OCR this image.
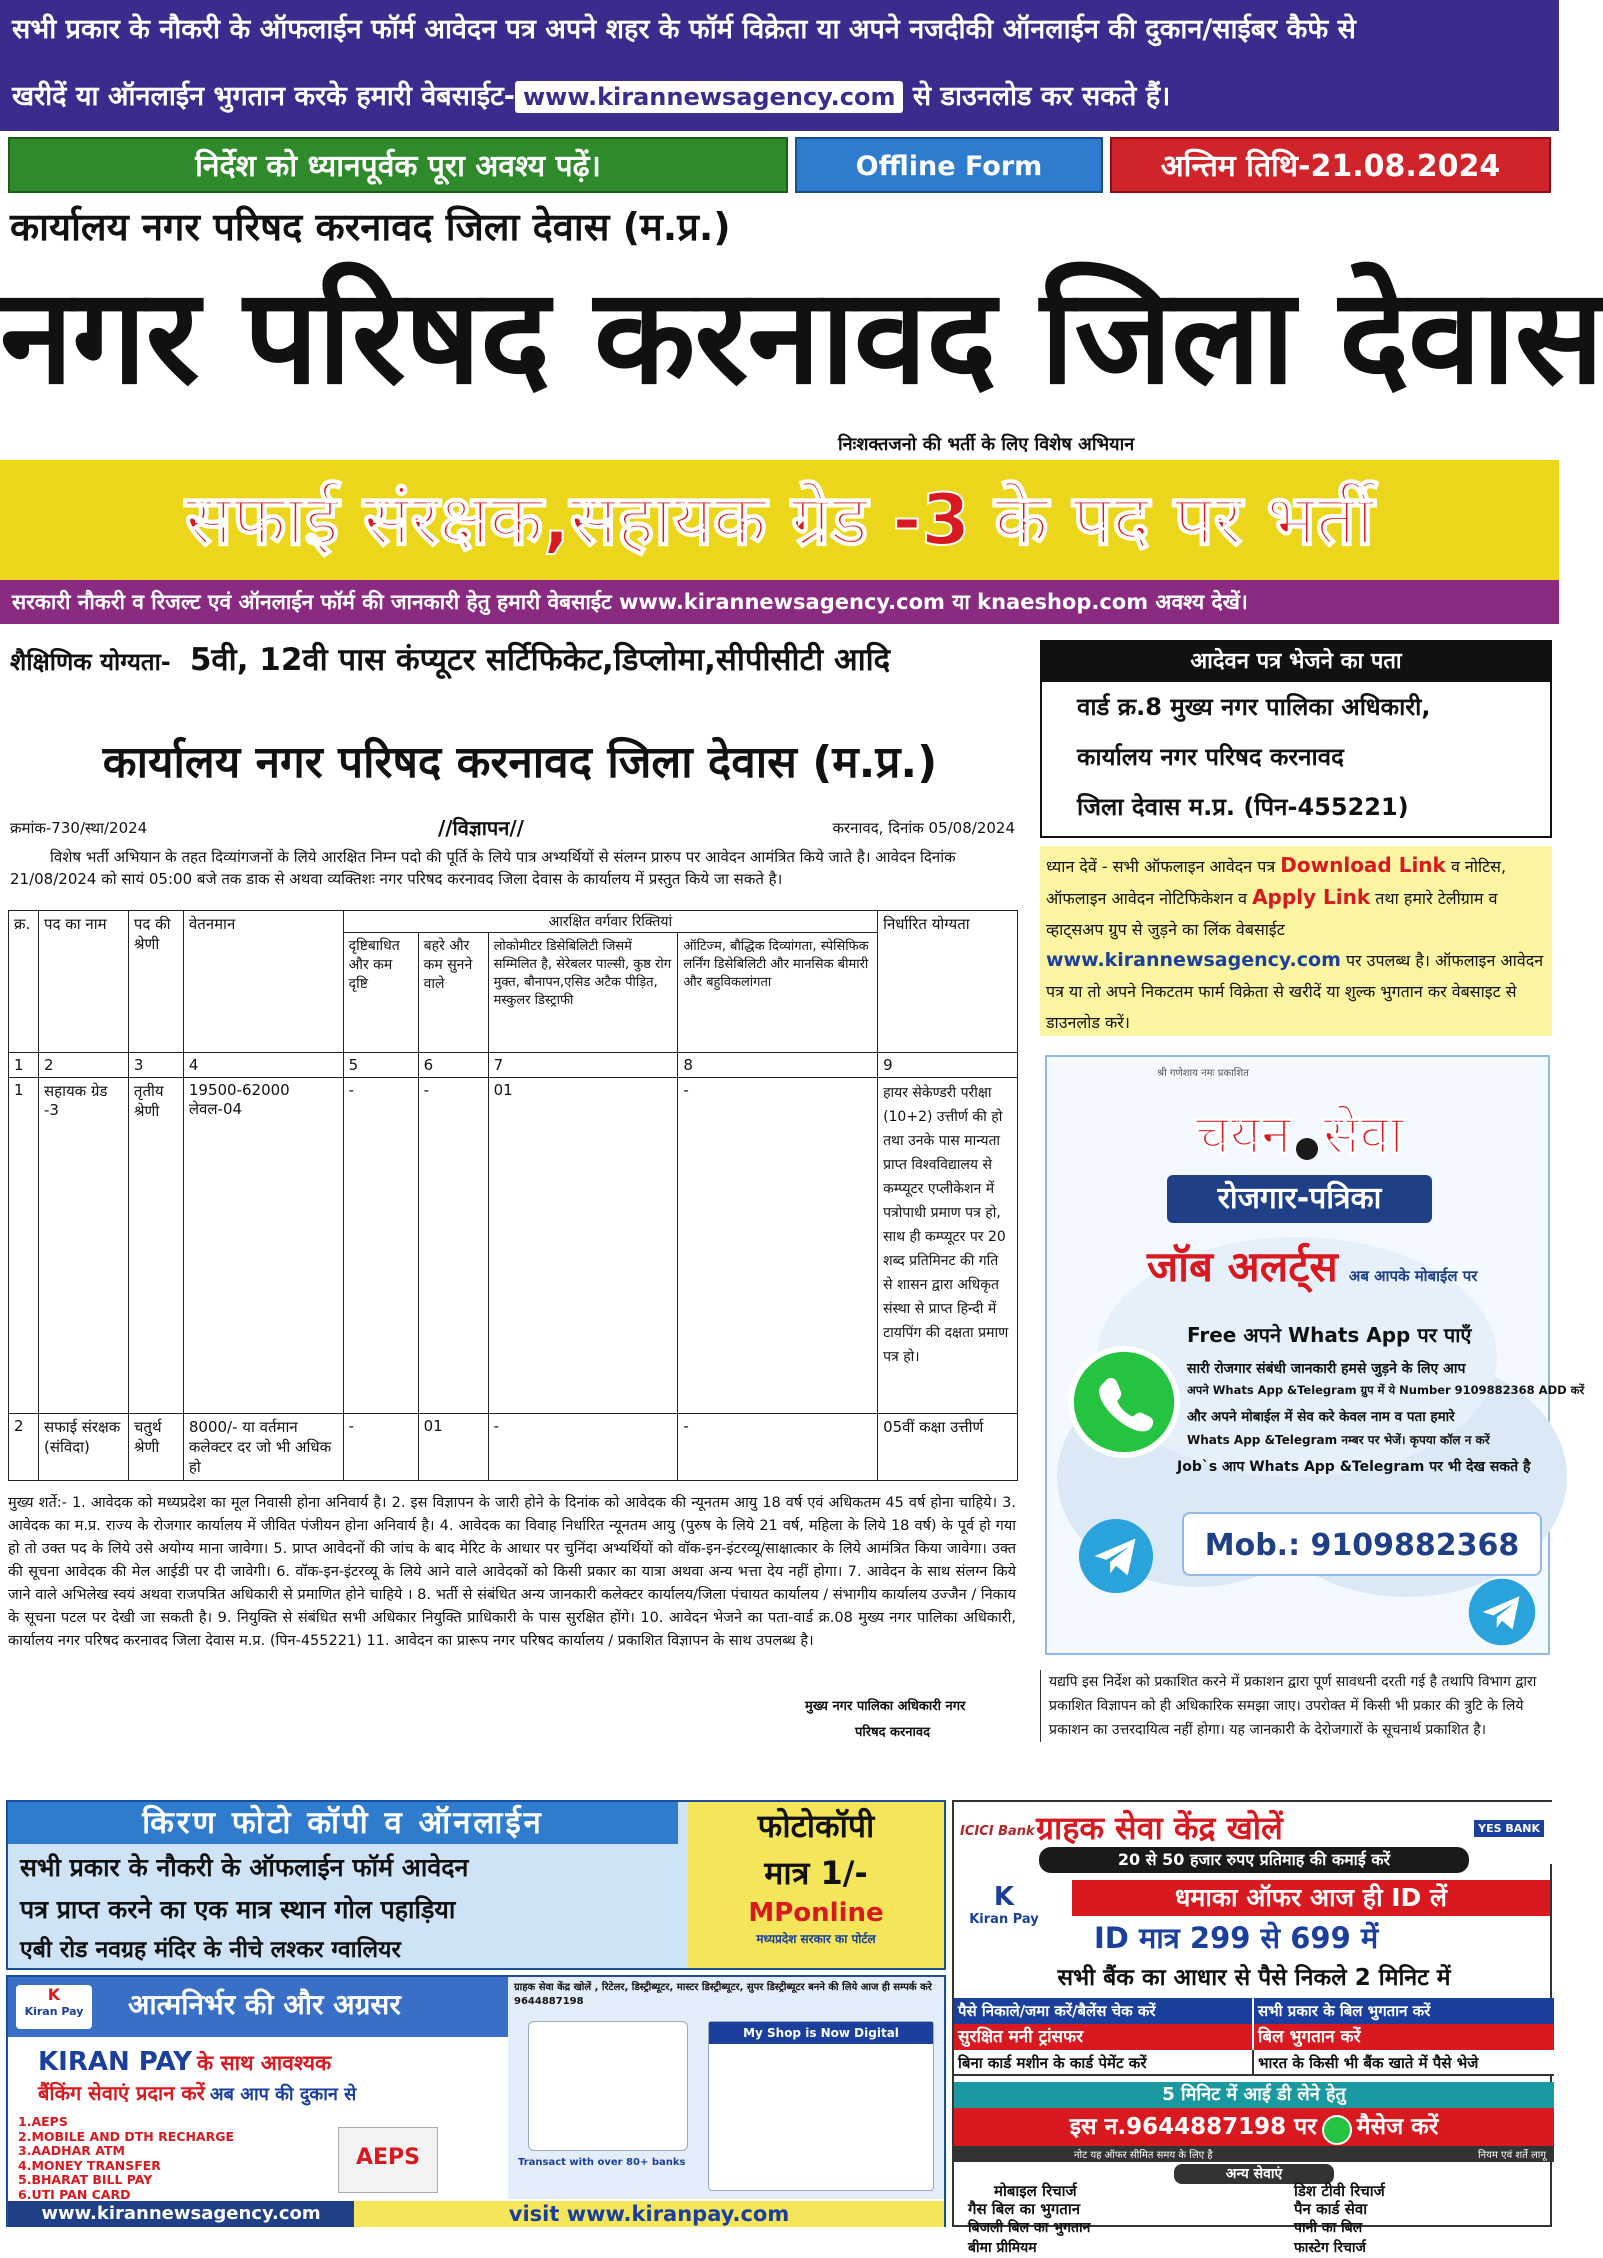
सभी प्रकार के नौकरी के ऑफलाईन फॉर्म आवेदन पत्र अपने शहर के फॉर्म विक्रेता या अपने नजदीकी ऑनलाईन की दुकान/साईबर कैफे से
खरीदें या ऑनलाईन भुगतान करके हमारी वेबसाईट- www.kirannewsagency.com से डाउनलोड कर सकते हैं।
निर्देश को ध्यानपूर्वक पूरा अवश्य पढ़ें।	Offline Form Submit
अन्तिम तिथि-21.08.2024
कार्यालय नगर परिषद करनावद जिला देवास (म.प्र.)
नगर परिषद करनावद जिला देवास
निःशक्तजनो की भर्ती के लिए विशेष अभियान
सफाई संरक्षक,सहायक ग्रेड -3 के पद पर भर्ती
सरकारी नौकरी व रिजल्ट एवं ऑनलाईन फॉर्म की जानकारी हेतु हमारी वेबसाईट www.kirannewsagency.com या knaeshop.com अवश्य देखें।
शैक्षिणिक योग्यता- 5वी, 12वी पास कंप्यूटर सर्टिफिकेट,डिप्लोमा,सीपीसीटी आदि	आदेवन पत्र भेजने का पता
वार्ड क्र.8 मुख्य नगर पालिका अधिकारी,
कार्यालय नगर परिषद करनावद
जिला देवास म.प्र. (पिन-455221)
कार्यालय नगर परिषद करनावद जिला देवास (म.प्र.)
क्रमांक-730/स्था/2024	//विज्ञापन//	करनावद, दिनांक 05/08/2024
विशेष भर्ती अभियान के तहत दिव्यांगजनों के लिये आरक्षित निम्न पदो की पूर्ति के लिये पात्र अभ्यर्थियों से संलग्न प्रारुप पर आवेदन आमंत्रित किये जाते है। आवेदन दिनांक 21/08/2024 को सायं 05:00 बजे तक डाक से अथवा व्यक्तिशः नगर परिषद करनावद जिला देवास के कार्यालय में प्रस्तुत किये जा सकते है।
क्र.	पद का नाम	पद की श्रेणी	वेतनमान	आरक्षित वर्गवार रिक्तियां				निर्धारित योग्यता
				दृष्टिबाधित और कम दृष्टि	बहरे और कम सुनने वाले	लोकोमीटर डिसेबिलिटी जिसमें सम्मिलित है, सेरेबलर पाल्सी, कुष्ठ रोग मुक्त, बौनापन,एसिड अटैक पीड़ित, मस्कुलर डिस्ट्राफी	ऑटिज्म, बौद्धिक दिव्यांगता, स्पेसिफिक लर्निंग डिसेबिलिटी और मानसिक बीमारी और बहुविकलांगता	
1	2	3	4	5	6	7	8	9
1	सहायक ग्रेड -3	तृतीय श्रेणी	19500-62000 लेवल-04	-	-	01	-	हायर सेकेण्डरी परीक्षा (10+2) उत्तीर्ण की हो तथा उनके पास मान्यता प्राप्त विश्वविद्यालय से कम्प्यूटर एप्लीकेशन में पत्रोपाधी प्रमाण पत्र हो, साथ ही कम्प्यूटर पर 20 शब्द प्रतिमिनट की गति से शासन द्वारा अधिकृत संस्था से प्राप्त हिन्दी में टायपिंग की दक्षता प्रमाण पत्र हो।
2	सफाई संरक्षक (संविदा)	चतुर्थ श्रेणी	8000/- या वर्तमान कलेक्टर दर जो भी अधिक हो	-	01	-	-	05वीं कक्षा उत्तीर्ण
मुख्य शर्ते:- 1. आवेदक को मध्यप्रदेश का मूल निवासी होना अनिवार्य है। 2. इस विज्ञापन के जारी होने के दिनांक को आवेदक की न्यूनतम आयु 18 वर्ष एवं अधिकतम 45 वर्ष होना चाहिये। 3. आवेदक का म.प्र. राज्य के रोजगार कार्यालय में जीवित पंजीयन होना अनिवार्य है। 4. आवेदक का विवाह निर्धारित न्यूनतम आयु (पुरुष के लिये 21 वर्ष, महिला के लिये 18 वर्ष) के पूर्व हो गया हो तो उक्त पद के लिये उसे अयोग्य माना जावेगा। 5. प्राप्त आवेदनों की जांच के बाद मेरिट के आधार पर चुनिंदा अभ्यर्थियों को वॉक-इन-इंटरव्यू/साक्षात्कार के लिये आमंत्रित किया जावेगा। उक्त की सूचना आवेदक की मेल आईडी पर दी जावेगी। 6. वॉक-इन-इंटरव्यू के लिये आने वाले आवेदकों को किसी प्रकार का यात्रा अथवा अन्य भत्ता देय नहीं होगा। 7. आवेदन के साथ संलग्न किये जाने वाले अभिलेख स्वयं अथवा राजपत्रित अधिकारी से प्रमाणित होने चाहिये । 8. भर्ती से संबंधित अन्य जानकारी कलेक्टर कार्यालय/जिला पंचायत कार्यालय / संभागीय कार्यालय उज्जैन / निकाय के सूचना पटल पर देखी जा सकती है। 9. नियुक्ति से संबंधित सभी अधिकार नियुक्ति प्राधिकारी के पास सुरक्षित होंगे। 10. आवेदन भेजने का पता-वार्ड क्र.08 मुख्य नगर पालिका अधिकारी, कार्यालय नगर परिषद करनावद जिला देवास म.प्र. (पिन-455221) 11. आवेदन का प्रारूप नगर परिषद कार्यालय / प्रकाशित विज्ञापन के साथ उपलब्ध है।
मुख्य नगर पालिका अधिकारी नगर
परिषद करनावद
ध्यान देवें - सभी ऑफलाइन आवेदन पत्र Download Link व नोटिस, ऑफलाइन आवेदन नोटिफिकेशन व Apply Link तथा हमारे टेलीग्राम व व्हाट्सअप ग्रुप से जुड़ने का लिंक वेबसाईट www.kirannewsagency.com पर उपलब्ध है। ऑफलाइन आवेदन पत्र या तो अपने निकटतम फार्म विक्रेता से खरीदें या शुल्क भुगतान कर वेबसाइट से डाउनलोड करें।
श्री गणेशाय नमः प्रकाशित
चयन सेवा
रोजगार-पत्रिका
जॉब अलर्ट्स अब आपके मोबाईल पर
Free अपने Whats App पर पाएँ
सारी रोजगार संबंधी जानकारी हमसे जुड़ने के लिए आप
अपने Whats App &Telegram ग्रुप में ये Number 9109882368 ADD करें
और अपने मोबाईल में सेव करे केवल नाम व पता हमारे
Whats App &Telegram नम्बर पर भेजें। कृपया कॉल न करें
Job`s आप Whats App &Telegram पर भी देख सकते है
Mob.: 9109882368
यद्यपि इस निर्देश को प्रकाशित करने में प्रकाशन द्वारा पूर्ण सावधनी दरती गई है तथापि विभाग द्वारा प्रकाशित विज्ञापन को ही अधिकारिक समझा जाए। उपरोक्त में किसी भी प्रकार की त्रुटि के लिये प्रकाशन का उत्तरदायित्व नहीं होगा। यह जानकारी के देरोजगारों के सूचनार्थ प्रकाशित है।
किरण फोटो कॉपी व ऑनलाईन
सभी प्रकार के नौकरी के ऑफलाईन फॉर्म आवेदन
पत्र प्राप्त करने का एक मात्र स्थान गोल पहाड़िया
एबी रोड नवग्रह मंदिर के नीचे लश्कर ग्वालियर
फोटोकॉपी
मात्र 1/-
MPonline
मध्यप्रदेश सरकार का पोर्टल
K
Kiran Pay	आत्मनिर्भर की और अग्रसर
KIRAN PAY के साथ आवश्यक
बैंकिंग सेवाएं प्रदान करें अब आप की दुकान से
1.AEPS
2.MOBILE AND DTH RECHARGE
3.AADHAR ATM
4.MONEY TRANSFER
5.BHARAT BILL PAY
6.UTI PAN CARD
AEPS
www.kirannewsagency.com
ग्राहक सेवा केंद्र खोलें , रिटेलर, डिस्ट्रीब्यूटर, मास्टर डिस्ट्रीब्यूटर, सुपर डिस्ट्रीब्यूटर बनने की लिये आज ही सम्पर्क करे 9644887198
Transact with over 80+ banks
My Shop is Now Digital
visit www.kiranpay.com
ICICI Bank	YES BANK
ग्राहक सेवा केंद्र खोलें
20 से 50 हजार रुपए प्रतिमाह की कमाई करें
K
Kiran Pay
धमाका ऑफर आज ही ID लें
ID मात्र 299 से 699 में
सभी बैंक का आधार से पैसे निकले 2 मिनिट में
पैसे निकाले/जमा करें/बैलेंस चेक करें	सभी प्रकार के बिल भुगतान करें
सुरक्षित मनी ट्रांसफर	बिल भुगतान करें
बिना कार्ड मशीन के कार्ड पेमेंट करें	भारत के किसी भी बैंक खाते में पैसे भेजे
5 मिनिट में आई डी लेने हेतु
इस न.9644887198 पर मैसेज करें
नोट यह ऑफर सीमित समय के लिए है	नियम एवं शर्ते लागू
अन्य सेवाएं
मोबाइल रिचार्ज	डिश टीवी रिचार्ज
गैस बिल का भुगतान	पैन कार्ड सेवा
बिजली बिल का भुगतान	पानी का बिल
बीमा प्रीमियम	फास्टेग रिचार्ज
